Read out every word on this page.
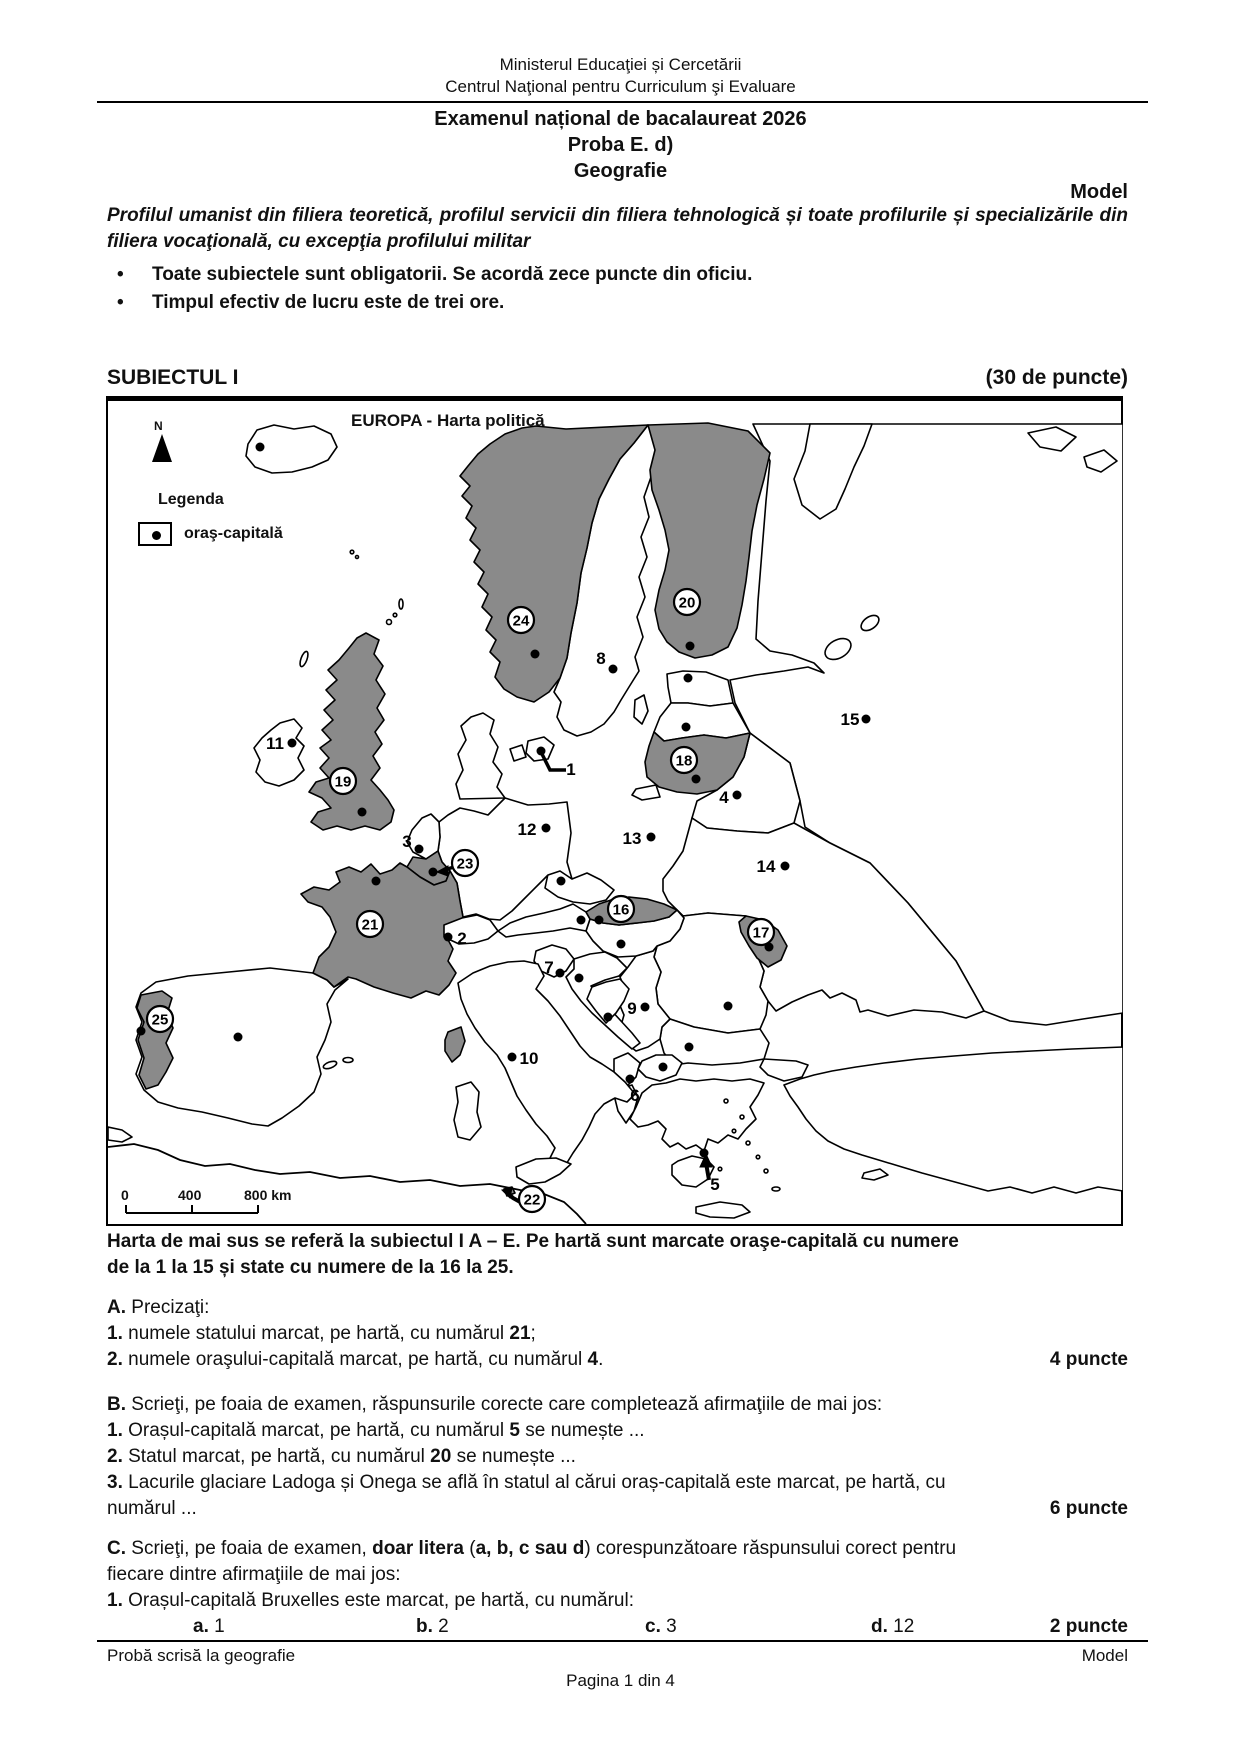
Ministerul Educaţiei și Cercetării
Centrul Naţional pentru Curriculum şi Evaluare
Examenul național de bacalaureat 2026
Proba E. d)
Geografie
Model
Profilul umanist din filiera teoretică, profilul servicii din filiera tehnologică și toate profilurile și specializările din filiera vocaţională, cu excepţia profilului militar
SUBIECTUL I	(30 de puncte)
1
2
3
4
5
6
7
8
9
10
11
12	13
14
15
16
17
18
19
20
21
22
23
24
25
EUROPA - Harta politică
N
Legenda
oraş-capitală
0	400	800 km
• Toate subiectele sunt obligatorii. Se acordă zece puncte din oficiu.
• Timpul efectiv de lucru este de trei ore.
Harta de mai sus se referă la subiectul I A – E. Pe hartă sunt marcate oraşe-capitală cu numere
de la 1 la 15 și state cu numere de la 16 la 25.
A. Precizaţi:
1. numele statului marcat, pe hartă, cu numărul 21;
2. numele oraşului-capitală marcat, pe hartă, cu numărul 4.	4 puncte
B. Scrieţi, pe foaia de examen, răspunsurile corecte care completează afirmaţiile de mai jos:
1. Orașul-capitală marcat, pe hartă, cu numărul 5 se numește ...
2. Statul marcat, pe hartă, cu numărul 20 se numește ...
3. Lacurile glaciare Ladoga și Onega se află în statul al cărui oraș-capitală este marcat, pe hartă, cu
numărul ...	6 puncte
C. Scrieţi, pe foaia de examen, doar litera (a, b, c sau d) corespunzătoare răspunsului corect pentru
fiecare dintre afirmaţiile de mai jos:
1. Orașul-capitală Bruxelles este marcat, pe hartă, cu numărul:
a. 1	b. 2	c. 3	d. 12	2 puncte
Probă scrisă la geografie	Model
Pagina 1 din 4
